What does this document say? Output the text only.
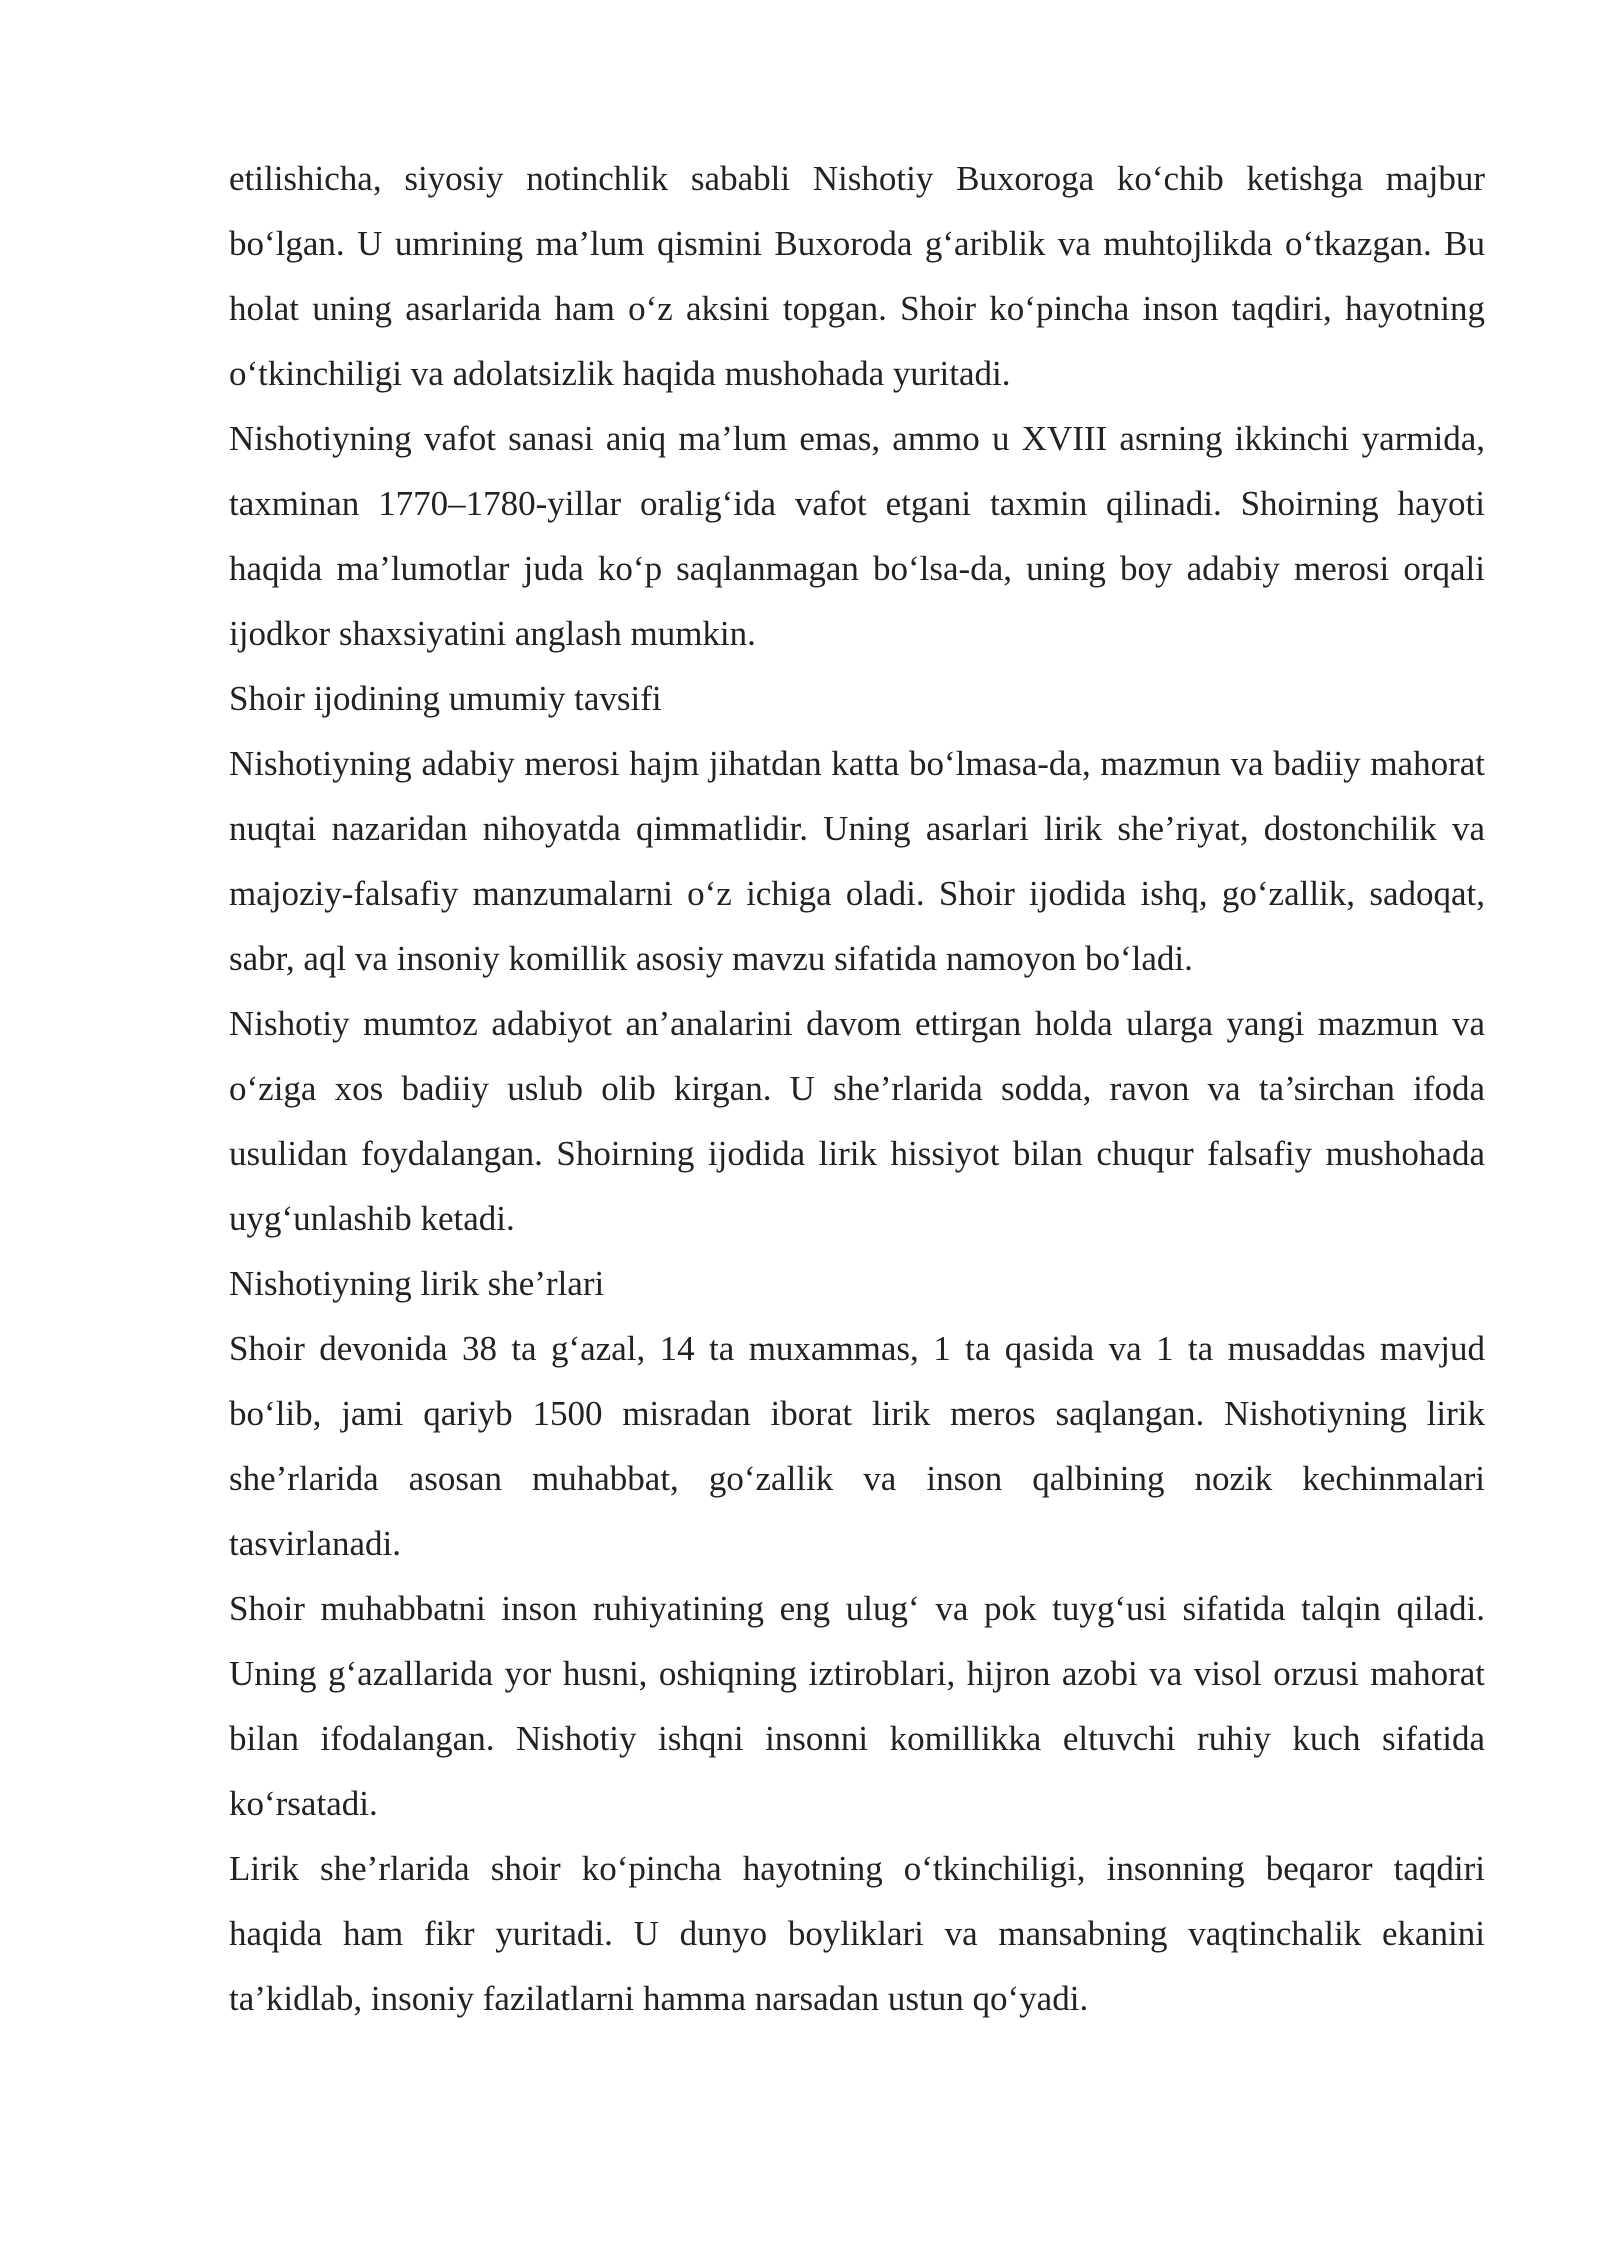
etilishicha, siyosiy notinchlik sababli Nishotiy Buxoroga ko‘chib ketishga majbur bo‘lgan. U umrining ma’lum qismini Buxoroda g‘ariblik va muhtojlikda o‘tkazgan. Bu holat uning asarlarida ham o‘z aksini topgan. Shoir ko‘pincha inson taqdiri, hayotning o‘tkinchiligi va adolatsizlik haqida mushohada yuritadi.

Nishotiyning vafot sanasi aniq ma’lum emas, ammo u XVIII asrning ikkinchi yarmida, taxminan 1770–1780-yillar oralig‘ida vafot etgani taxmin qilinadi. Shoirning hayoti haqida ma’lumotlar juda ko‘p saqlanmagan bo‘lsa-da, uning boy adabiy merosi orqali ijodkor shaxsiyatini anglash mumkin.

Shoir ijodining umumiy tavsifi

Nishotiyning adabiy merosi hajm jihatdan katta bo‘lmasa-da, mazmun va badiiy mahorat nuqtai nazaridan nihoyatda qimmatlidir. Uning asarlari lirik she’riyat, dostonchilik va majoziy-falsafiy manzumalarni o‘z ichiga oladi. Shoir ijodida ishq, go‘zallik, sadoqat, sabr, aql va insoniy komillik asosiy mavzu sifatida namoyon bo‘ladi.

Nishotiy mumtoz adabiyot an’analarini davom ettirgan holda ularga yangi mazmun va o‘ziga xos badiiy uslub olib kirgan. U she’rlarida sodda, ravon va ta’sirchan ifoda usulidan foydalangan. Shoirning ijodida lirik hissiyot bilan chuqur falsafiy mushohada uyg‘unlashib ketadi.

Nishotiyning lirik she’rlari

Shoir devonida 38 ta g‘azal, 14 ta muxammas, 1 ta qasida va 1 ta musaddas mavjud bo‘lib, jami qariyb 1500 misradan iborat lirik meros saqlangan. Nishotiyning lirik she’rlarida asosan muhabbat, go‘zallik va inson qalbining nozik kechinmalari tasvirlanadi.

Shoir muhabbatni inson ruhiyatining eng ulug‘ va pok tuyg‘usi sifatida talqin qiladi. Uning g‘azallarida yor husni, oshiqning iztiroblari, hijron azobi va visol orzusi mahorat bilan ifodalangan. Nishotiy ishqni insonni komillikka eltuvchi ruhiy kuch sifatida ko‘rsatadi.

Lirik she’rlarida shoir ko‘pincha hayotning o‘tkinchiligi, insonning beqaror taqdiri haqida ham fikr yuritadi. U dunyo boyliklari va mansabning vaqtinchalik ekanini ta’kidlab, insoniy fazilatlarni hamma narsadan ustun qo‘yadi.
